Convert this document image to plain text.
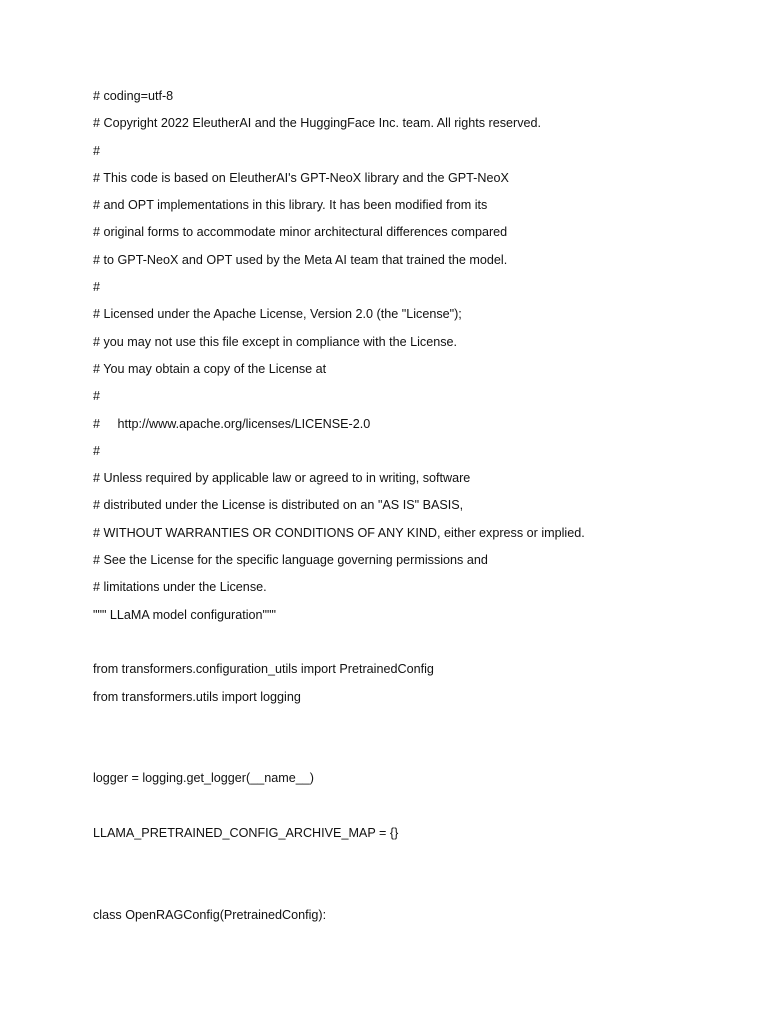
# coding=utf-8
# Copyright 2022 EleutherAI and the HuggingFace Inc. team. All rights reserved.
#
# This code is based on EleutherAI's GPT-NeoX library and the GPT-NeoX
# and OPT implementations in this library. It has been modified from its
# original forms to accommodate minor architectural differences compared
# to GPT-NeoX and OPT used by the Meta AI team that trained the model.
#
# Licensed under the Apache License, Version 2.0 (the "License");
# you may not use this file except in compliance with the License.
# You may obtain a copy of the License at
#
#     http://www.apache.org/licenses/LICENSE-2.0
#
# Unless required by applicable law or agreed to in writing, software
# distributed under the License is distributed on an "AS IS" BASIS,
# WITHOUT WARRANTIES OR CONDITIONS OF ANY KIND, either express or implied.
# See the License for the specific language governing permissions and
# limitations under the License.
""" LLaMA model configuration"""
from transformers.configuration_utils import PretrainedConfig
from transformers.utils import logging
logger = logging.get_logger(__name__)
LLAMA_PRETRAINED_CONFIG_ARCHIVE_MAP = {}
class OpenRAGConfig(PretrainedConfig):
